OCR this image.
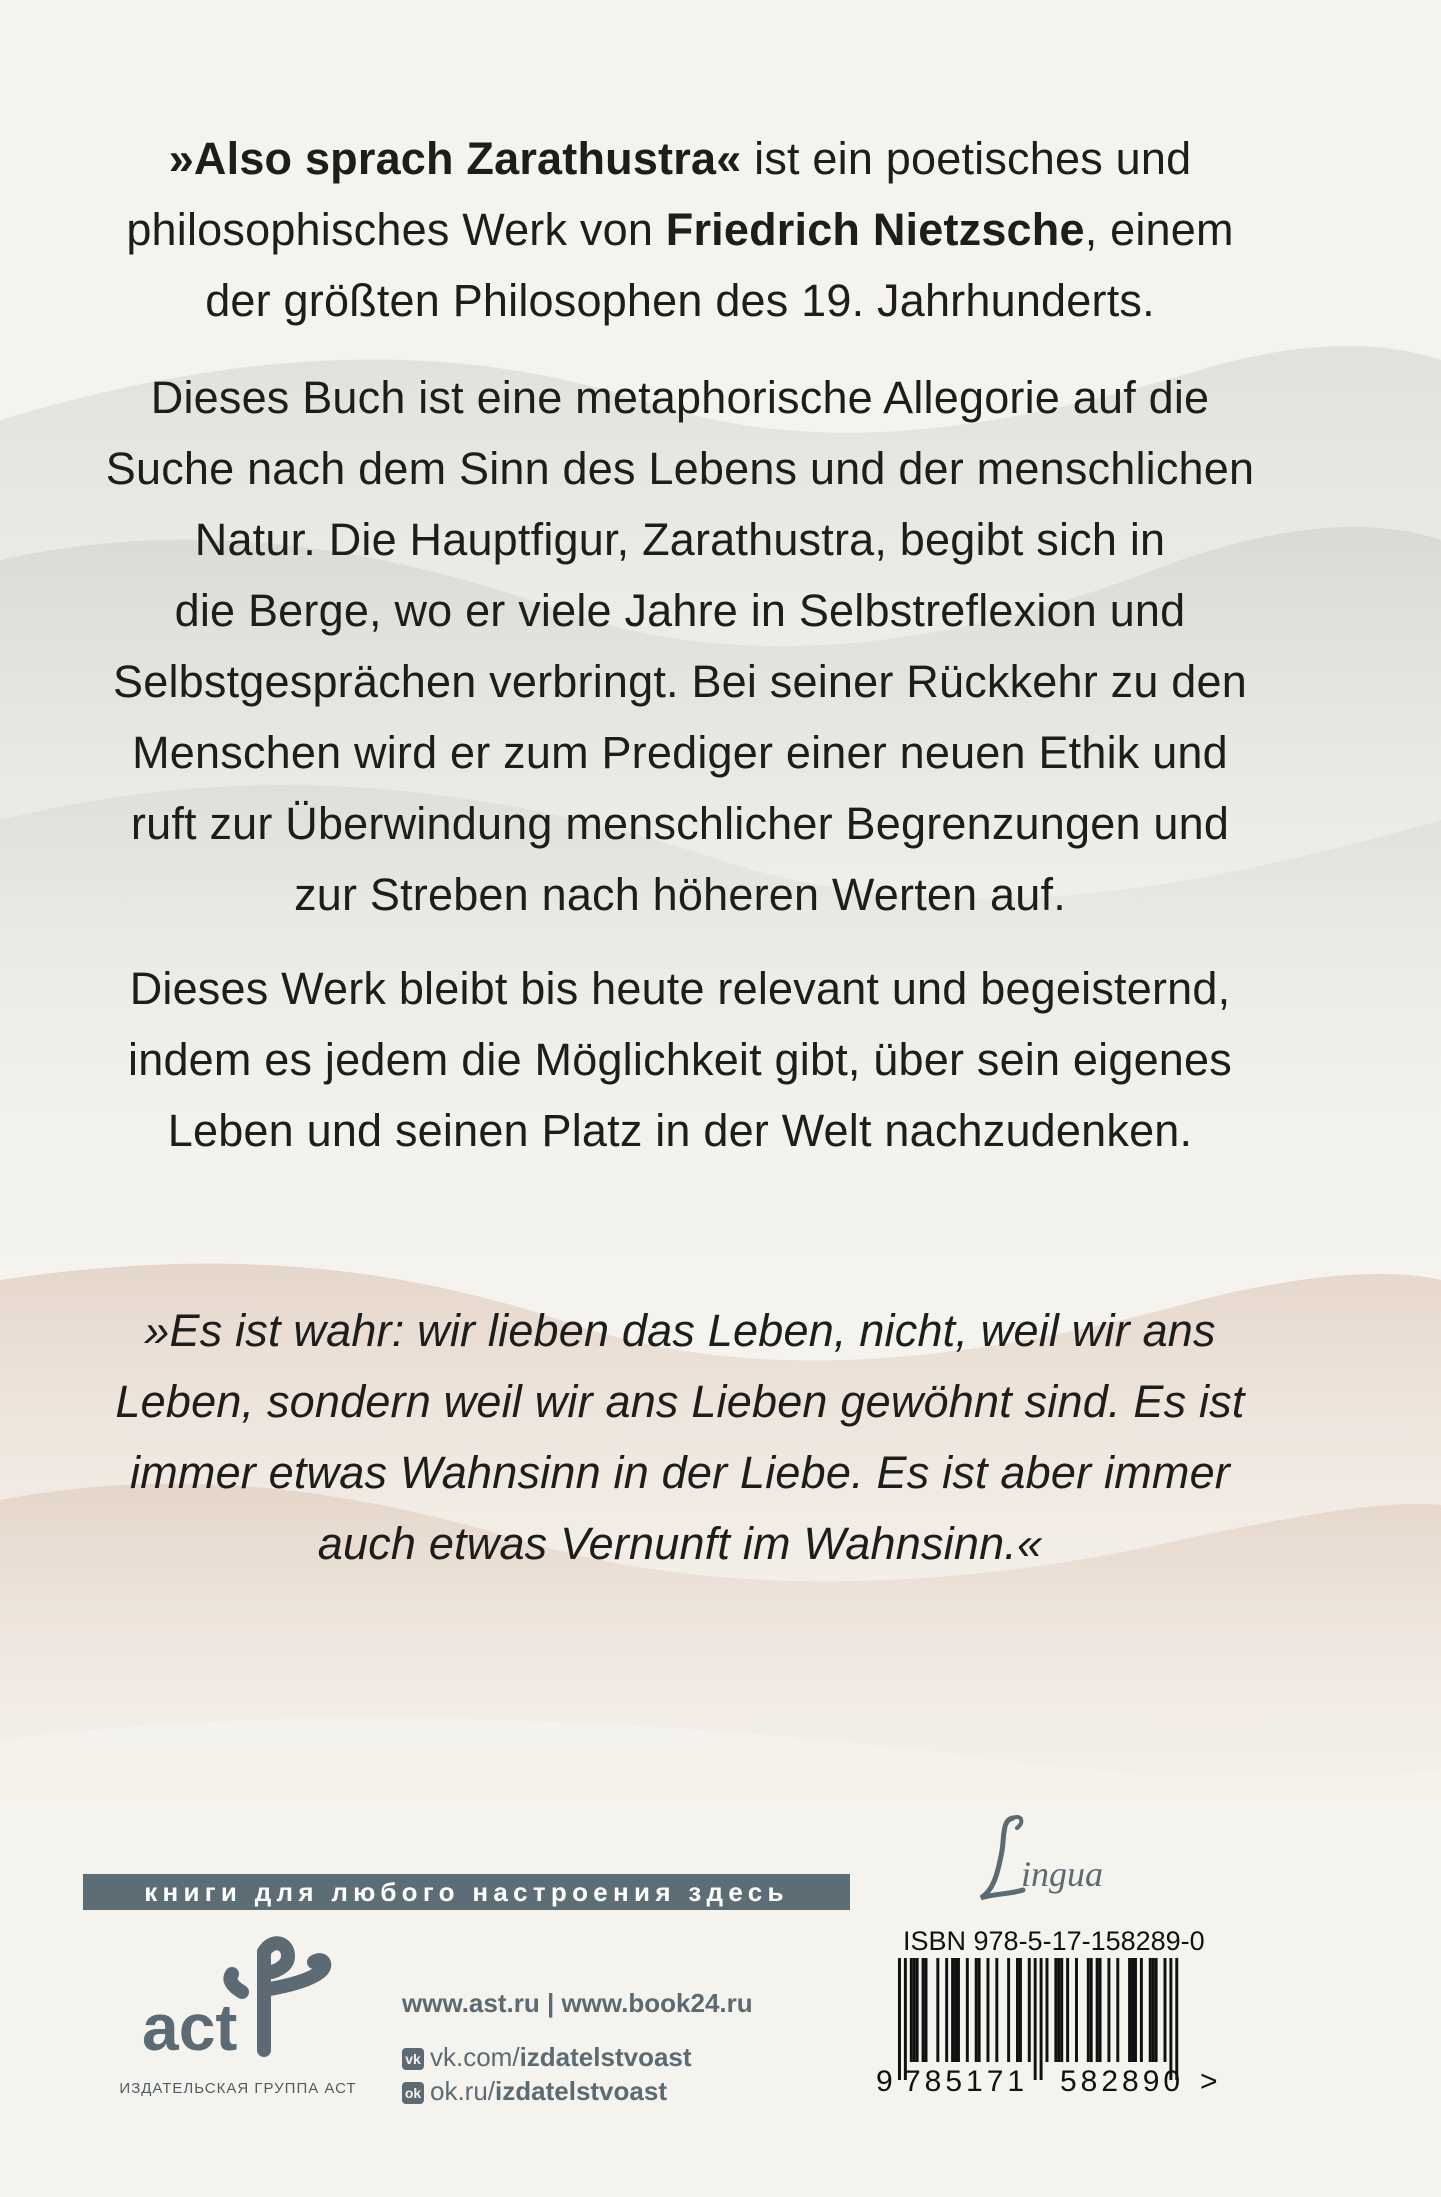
»Also sprach Zarathustra« ist ein poetisches und
philosophisches Werk von Friedrich Nietzsche, einem
der größten Philosophen des 19. Jahrhunderts.
Dieses Buch ist eine metaphorische Allegorie auf die
Suche nach dem Sinn des Lebens und der menschlichen
Natur. Die Hauptfigur, Zarathustra, begibt sich in
die Berge, wo er viele Jahre in Selbstreflexion und
Selbstgesprächen verbringt. Bei seiner Rückkehr zu den
Menschen wird er zum Prediger einer neuen Ethik und
ruft zur Überwindung menschlicher Begrenzungen und
zur Streben nach höheren Werten auf.
Dieses Werk bleibt bis heute relevant und begeisternd,
indem es jedem die Möglichkeit gibt, über sein eigenes
Leben und seinen Platz in der Welt nachzudenken.
»Es ist wahr: wir lieben das Leben, nicht, weil wir ans
Leben, sondern weil wir ans Lieben gewöhnt sind. Es ist
immer etwas Wahnsinn in der Liebe. Es ist aber immer
auch etwas Vernunft im Wahnsinn.«
книги для любого настроения здесь
act
ИЗДАТЕЛЬСКАЯ ГРУППА АСТ
www.ast.ru | www.book24.ru
vk vk.com/izdatelstvoast
ok ok.ru/izdatelstvoast
ingua
Lingua
ISBN 978-5-17-158289-0
9 785171 582890 >
